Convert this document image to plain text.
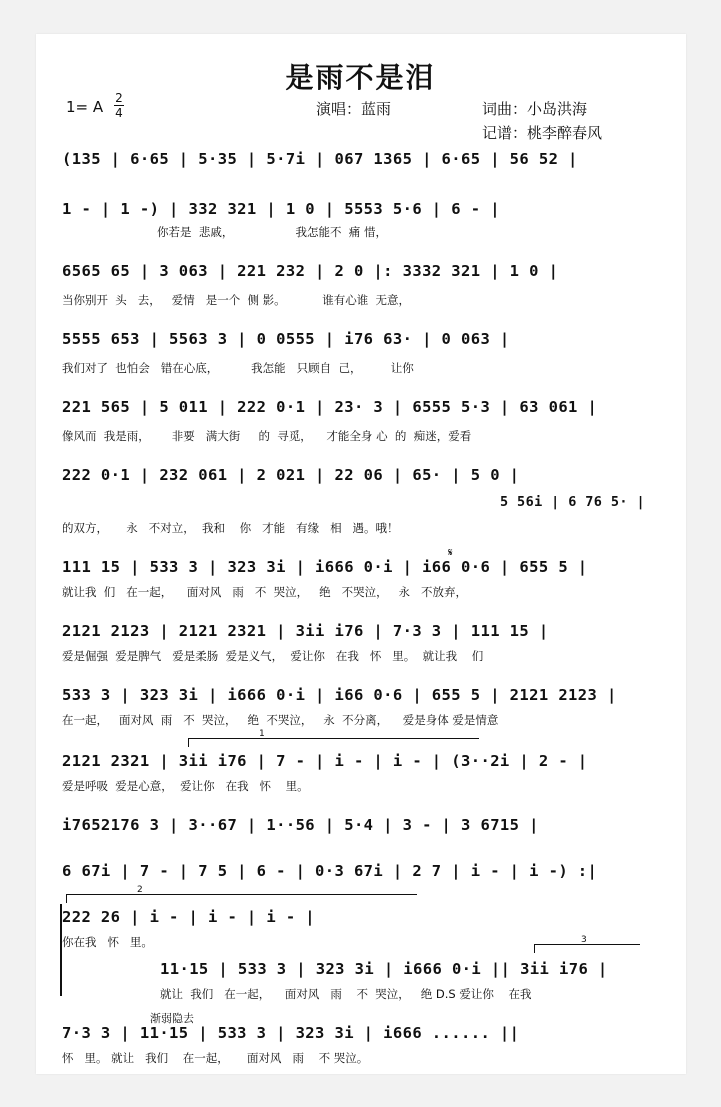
是雨不是泪
1= A 2
4	演唱：蓝雨	词曲：小岛洪海
记谱：桃李醉春风
(135 | 6·65 | 5·35 | 5·7i | 067 1365 | 6·65 | 56 52 |
1 - | 1 -) | 332 321 | 1 0 | 5553 5·6 | 6 - |
你若是  悲戚，                 我怎能不  痛 惜，
6565 65 | 3 063 | 221 232 | 2 0 |: 3332 321 | 1 0 |
当你别开  头   去，   爱情   是一个  侧 影。          谁有心谁  无意，
5555 653 | 5563 3 | 0 0555 | i76 63· | 0 063 |
我们对了  也怕会   错在心底，         我怎能   只顾自  己，        让你
221 565 | 5 011 | 222 0·1 | 23· 3 | 6555 5·3 | 63 061 |
像风而  我是雨，      非要   满大街     的  寻觅，    才能全身 心  的  痴迷，爱看
222 0·1 | 232 061 | 2 021 | 22 06 | 65· | 5 0 |
5 56i | 6 76 5· |
的双方，     永   不对立，  我和    你   才能   有缘   相   遇。哦！
𝄋
111 15 | 533 3 | 323 3i | i666 0·i | i66 0·6 | 655 5 |
就让我  们   在一起，    面对风   雨   不  哭泣，   绝   不哭泣，   永   不放弃，
2121 2123 | 2121 2321 | 3ii i76 | 7·3 3 | 111 15 |
爱是倔强  爱是脾气   爱是柔肠  爱是义气，  爱让你   在我   怀   里。  就让我    们
533 3 | 323 3i | i666 0·i | i66 0·6 | 655 5 | 2121 2123 |
在一起，   面对风  雨   不  哭泣，   绝  不哭泣，   永  不分离，    爱是身体 爱是情意
1
2121 2321 | 3ii i76 | 7 - | i - | i - | (3··2i | 2 - |
爱是呼吸  爱是心意，  爱让你   在我   怀    里。
i7652176 3 | 3··67 | 1··56 | 5·4 | 3 - | 3 6715 |
6 67i | 7 - | 7 5 | 6 - | 0·3 67i | 2 7 | i - | i -) :|
2
222 26 | i - | i - | i - |
你在我   怀   里。	3
11·15 | 533 3 | 323 3i | i666 0·i || 3ii i76 |
就让  我们   在一起，    面对风   雨    不  哭泣，   绝 D.S 爱让你    在我
渐弱隐去
7·3 3 | 11·15 | 533 3 | 323 3i | i666 ...... ||
怀   里。 就让   我们    在一起，     面对风   雨    不 哭泣。
